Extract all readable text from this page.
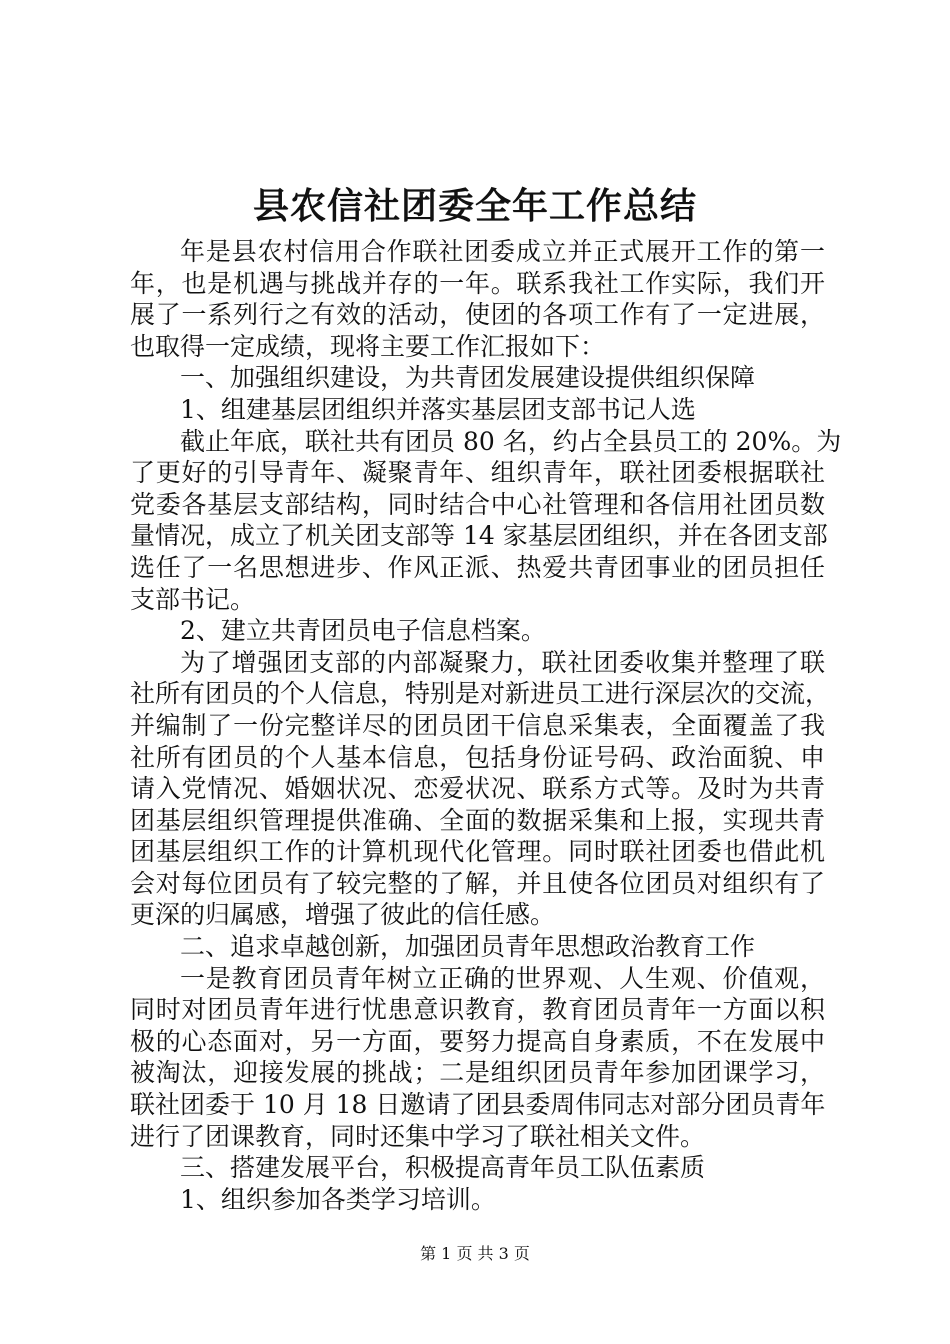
县农信社团委全年工作总结
年是县农村信用合作联社团委成立并正式展开工作的第一
年，也是机遇与挑战并存的一年。联系我社工作实际，我们开
展了一系列行之有效的活动，使团的各项工作有了一定进展，
也取得一定成绩，现将主要工作汇报如下：
一、加强组织建设，为共青团发展建设提供组织保障
1、组建基层团组织并落实基层团支部书记人选
截止年底，联社共有团员 80 名，约占全县员工的 20%。为
了更好的引导青年、凝聚青年、组织青年，联社团委根据联社
党委各基层支部结构，同时结合中心社管理和各信用社团员数
量情况，成立了机关团支部等 14 家基层团组织，并在各团支部
选任了一名思想进步、作风正派、热爱共青团事业的团员担任
支部书记。
2、建立共青团员电子信息档案。
为了增强团支部的内部凝聚力，联社团委收集并整理了联
社所有团员的个人信息，特别是对新进员工进行深层次的交流，
并编制了一份完整详尽的团员团干信息采集表，全面覆盖了我
社所有团员的个人基本信息，包括身份证号码、政治面貌、申
请入党情况、婚姻状况、恋爱状况、联系方式等。及时为共青
团基层组织管理提供准确、全面的数据采集和上报，实现共青
团基层组织工作的计算机现代化管理。同时联社团委也借此机
会对每位团员有了较完整的了解，并且使各位团员对组织有了
更深的归属感，增强了彼此的信任感。
二、追求卓越创新，加强团员青年思想政治教育工作
一是教育团员青年树立正确的世界观、人生观、价值观，
同时对团员青年进行忧患意识教育，教育团员青年一方面以积
极的心态面对，另一方面，要努力提高自身素质，不在发展中
被淘汰，迎接发展的挑战；二是组织团员青年参加团课学习，
联社团委于 10 月 18 日邀请了团县委周伟同志对部分团员青年
进行了团课教育，同时还集中学习了联社相关文件。
三、搭建发展平台，积极提高青年员工队伍素质
1、组织参加各类学习培训。
第 1 页 共 3 页
